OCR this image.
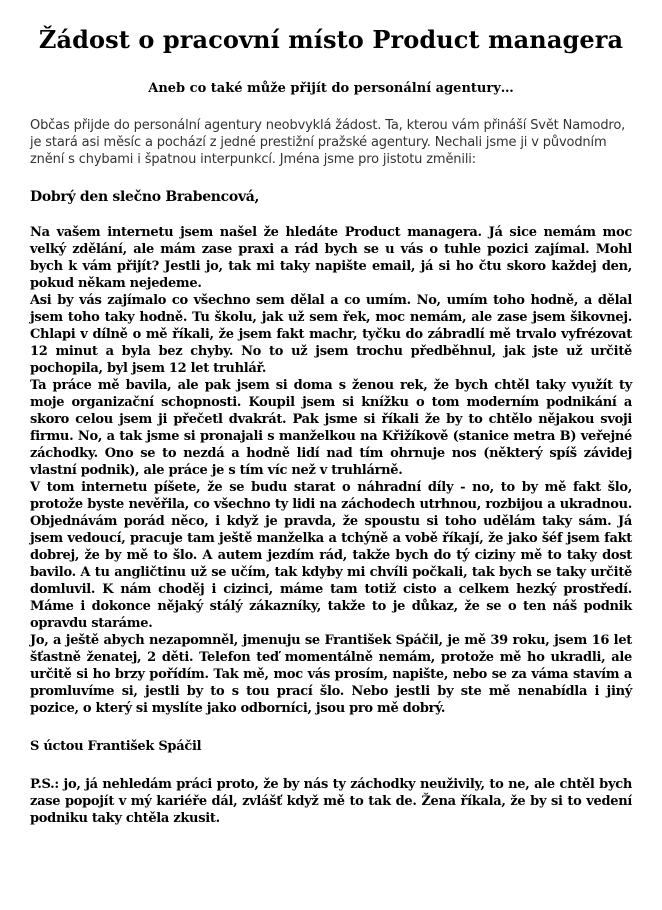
Žádost o pracovní místo Product managera
Aneb co také může přijít do personální agentury…
Občas přijde do personální agentury neobvyklá žádost. Ta, kterou vám přináší Svět Namodro, je stará asi měsíc a pochází z jedné prestižní pražské agentury. Nechali jsme ji v původním znění s chybami i špatnou interpunkcí. Jména jsme pro jistotu změnili:
Dobrý den slečno Brabencová,

Na vašem internetu jsem našel že hledáte Product managera. Já sice nemám moc velký zdělání, ale mám zase praxi a rád bych se u vás o tuhle pozici zajímal. Mohl bych k vám přijít? Jestli jo, tak mi taky napište email, já si ho čtu skoro každej den, pokud někam nejedeme.

Asi by vás zajímalo co všechno sem dělal a co umím. No, umím toho hodně, a dělal jsem toho taky hodně. Tu školu, jak už sem řek, moc nemám, ale zase jsem šikovnej. Chlapi v dílně o mě říkali, že jsem fakt machr, tyčku do zábradlí mě trvalo vyfrézovat 12 minut a byla bez chyby. No to už jsem trochu předběhnul, jak jste už určitě pochopila, byl jsem 12 let truhlář.

Ta práce mě bavila, ale pak jsem si doma s ženou rek, že bych chtěl taky využít ty moje organizační schopnosti. Koupil jsem si knížku o tom moderním podnikání a skoro celou jsem ji přečetl dvakrát. Pak jsme si říkali že by to chtělo nějakou svoji firmu. No, a tak jsme si pronajali s manželkou na Křižíkově (stanice metra B) veřejné záchodky. Ono se to nezdá a hodně lidí nad tím ohrnuje nos (některý spíš závidej vlastní podnik), ale práce je s tím víc než v truhlárně.

V tom internetu píšete, že se budu starat o náhradní díly - no, to by mě fakt šlo, protože byste nevěřila, co všechno ty lidi na záchodech utrhnou, rozbijou a ukradnou. Objednávám porád něco, i když je pravda, že spoustu si toho udělám taky sám. Já jsem vedoucí, pracuje tam ještě manželka a tchýně a vobě říkají, že jako šéf jsem fakt dobrej, že by mě to šlo. A autem jezdím rád, takže bych do tý ciziny mě to taky dost bavilo. A tu angličtinu už se učím, tak kdyby mi chvíli počkali, tak bych se taky určitě domluvil. K nám choděj i cizinci, máme tam totiž cisto a celkem hezký prostředí. Máme i dokonce nějaký stálý zákazníky, takže to je důkaz, že se o ten náš podnik opravdu staráme.

Jo, a ještě abych nezapomněl, jmenuju se František Spáčil, je mě 39 roku, jsem 16 let šťastně ženatej, 2 děti. Telefon teď momentálně nemám, protože mě ho ukradli, ale určitě si ho brzy pořídím. Tak mě, moc vás prosím, napište, nebo se za váma stavím a promluvíme si, jestli by to s tou prací šlo. Nebo jestli by ste mě nenabídla i jiný pozice, o který si myslíte jako odborníci, jsou pro mě dobrý.

S úctou František Spáčil
P.S.: jo, já nehledám práci proto, že by nás ty záchodky neuživily, to ne, ale chtěl bych zase popojít v mý kariéře dál, zvlášť když mě to tak de. Žena říkala, že by si to vedení podniku taky chtěla zkusit.
